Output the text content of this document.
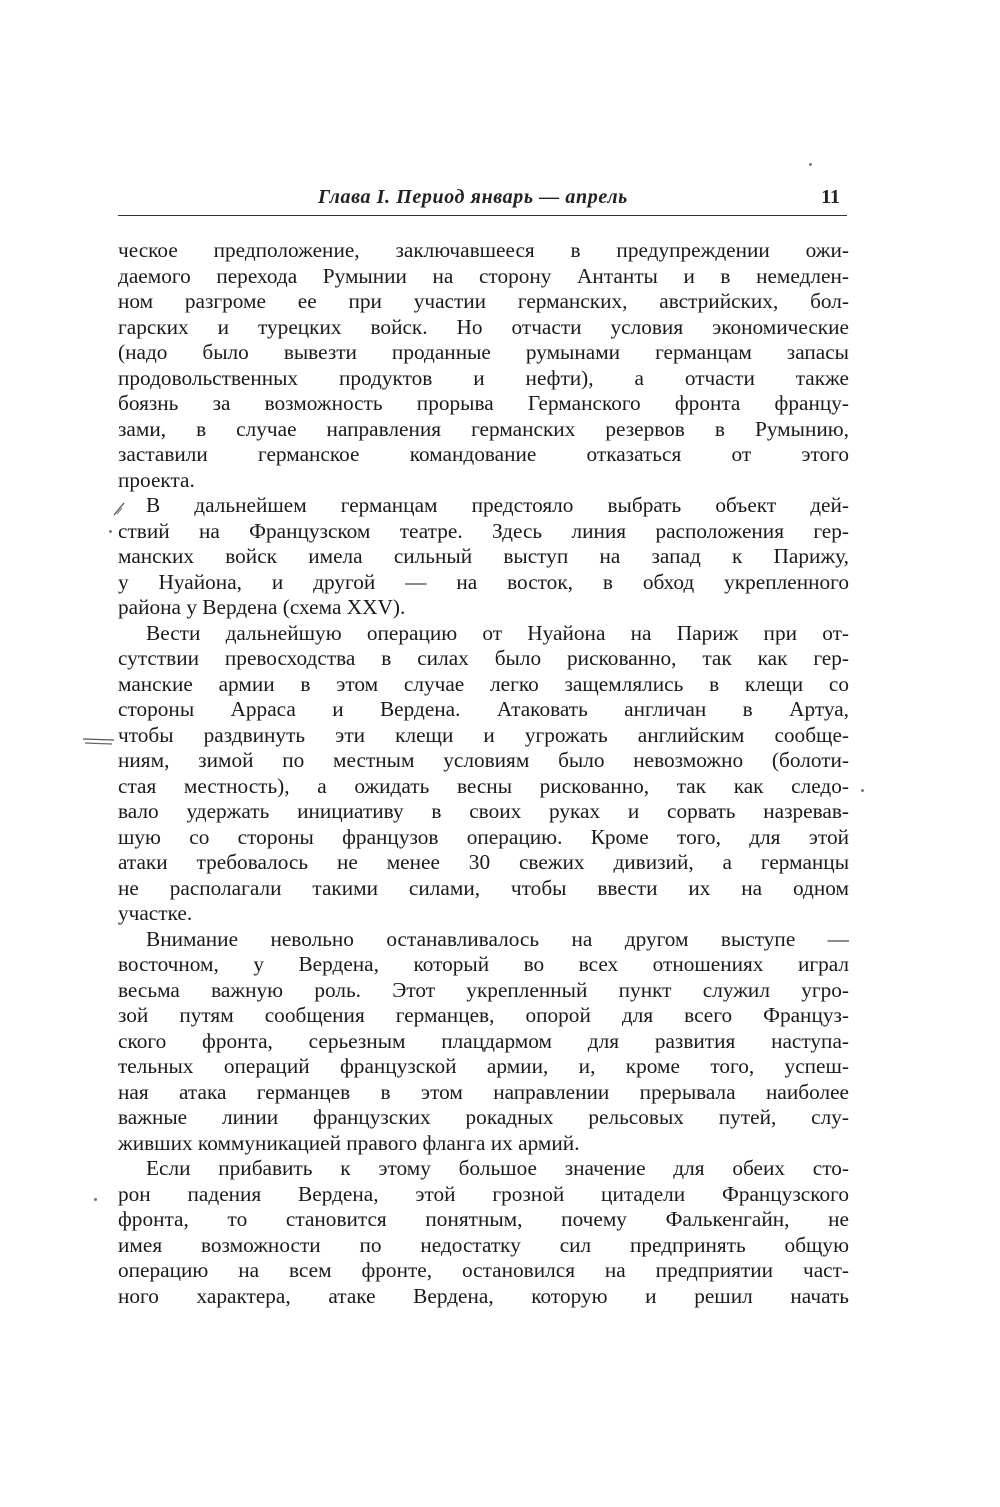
Глава I. Период январь — апрель	11
ческое предположение, заключавшееся в предупреждении ожи-
даемого перехода Румынии на сторону Антанты и в немедлен-
ном разгроме ее при участии германских, австрийских, бол-
гарских и турецких войск. Но отчасти условия экономические
(надо было вывезти проданные румынами германцам запасы
продовольственных продуктов и нефти), а отчасти также
боязнь за возможность прорыва Германского фронта францу-
зами, в случае направления германских резервов в Румынию,
заставили германское командование отказаться от этого
проекта.
В дальнейшем германцам предстояло выбрать объект дей-
ствий на Французском театре. Здесь линия расположения гер-
манских войск имела сильный выступ на запад к Парижу,
у Нуайона, и другой — на восток, в обход укрепленного
района у Вердена (схема XXV).
Вести дальнейшую операцию от Нуайона на Париж при от-
сутствии превосходства в силах было рискованно, так как гер-
манские армии в этом случае легко защемлялись в клещи со
стороны Арраса и Вердена. Атаковать англичан в Артуа,
чтобы раздвинуть эти клещи и угрожать английским сообще-
ниям, зимой по местным условиям было невозможно (болоти-
стая местность), а ожидать весны рискованно, так как следо-
вало удержать инициативу в своих руках и сорвать назревав-
шую со стороны французов операцию. Кроме того, для этой
атаки требовалось не менее 30 свежих дивизий, а германцы
не располагали такими силами, чтобы ввести их на одном
участке.
Внимание невольно останавливалось на другом выступе —
восточном, у Вердена, который во всех отношениях играл
весьма важную роль. Этот укрепленный пункт служил угро-
зой путям сообщения германцев, опорой для всего Француз-
ского фронта, серьезным плацдармом для развития наступа-
тельных операций французской армии, и, кроме того, успеш-
ная атака германцев в этом направлении прерывала наиболее
важные линии французских рокадных рельсовых путей, слу-
живших коммуникацией правого фланга их армий.
Если прибавить к этому большое значение для обеих сто-
рон падения Вердена, этой грозной цитадели Французского
фронта, то становится понятным, почему Фалькенгайн, не
имея возможности по недостатку сил предпринять общую
операцию на всем фронте, остановился на предприятии част-
ного характера, атаке Вердена, которую и решил начать
